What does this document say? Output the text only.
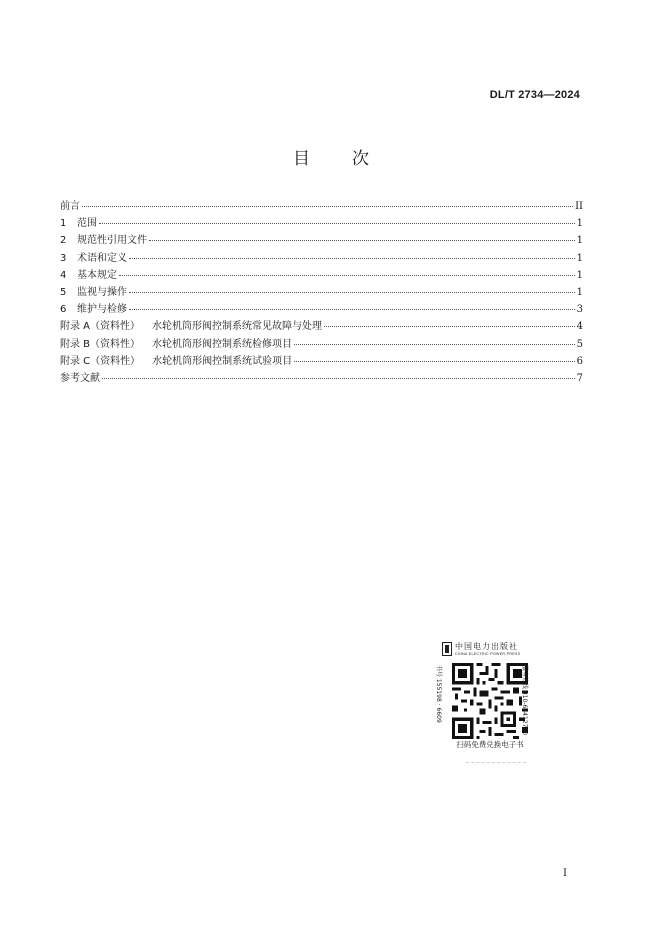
DL/T 2734—2024
目 次
前言	II
1	范围	1
2	规范性引用文件	1
3	术语和定义	1
4	基本规定	1
5	监视与操作	1
6	维护与检修	3
附录 A（资料性） 水轮机筒形阀控制系统常见故障与处理	4
附录 B（资料性） 水轮机筒形阀控制系统检修项目	5
附录 C（资料性） 水轮机筒形阀控制系统试验项目	6
参考文献	7
中国电力出版社
CHINA ELECTRIC POWER PRESS
书号 155198 · 6609	服务热线 010-63412700
扫码免费兑换电子书
I
